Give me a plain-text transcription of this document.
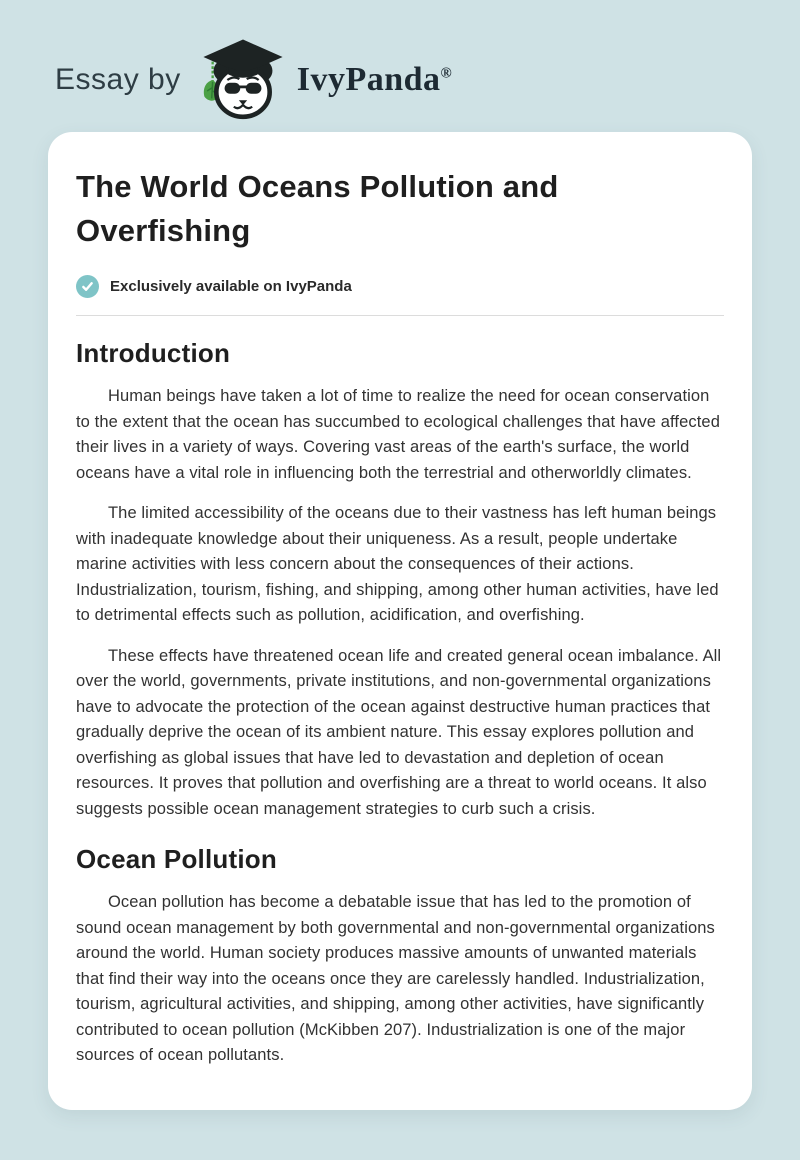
Essay by	IvyPanda®
The World Oceans Pollution and Overfishing
Exclusively available on IvyPanda
Introduction

Human beings have taken a lot of time to realize the need for ocean conservation to the extent that the ocean has succumbed to ecological challenges that have affected their lives in a variety of ways. Covering vast areas of the earth's surface, the world oceans have a vital role in influencing both the terrestrial and otherworldly climates.

The limited accessibility of the oceans due to their vastness has left human beings with inadequate knowledge about their uniqueness. As a result, people undertake marine activities with less concern about the consequences of their actions. Industrialization, tourism, fishing, and shipping, among other human activities, have led to detrimental effects such as pollution, acidification, and overfishing.

These effects have threatened ocean life and created general ocean imbalance. All over the world, governments, private institutions, and non-governmental organizations have to advocate the protection of the ocean against destructive human practices that gradually deprive the ocean of its ambient nature. This essay explores pollution and overfishing as global issues that have led to devastation and depletion of ocean resources. It proves that pollution and overfishing are a threat to world oceans. It also suggests possible ocean management strategies to curb such a crisis.

Ocean Pollution

Ocean pollution has become a debatable issue that has led to the promotion of sound ocean management by both governmental and non-governmental organizations around the world. Human society produces massive amounts of unwanted materials that find their way into the oceans once they are carelessly handled. Industrialization, tourism, agricultural activities, and shipping, among other activities, have significantly contributed to ocean pollution (McKibben 207). Industrialization is one of the major sources of ocean pollutants.
